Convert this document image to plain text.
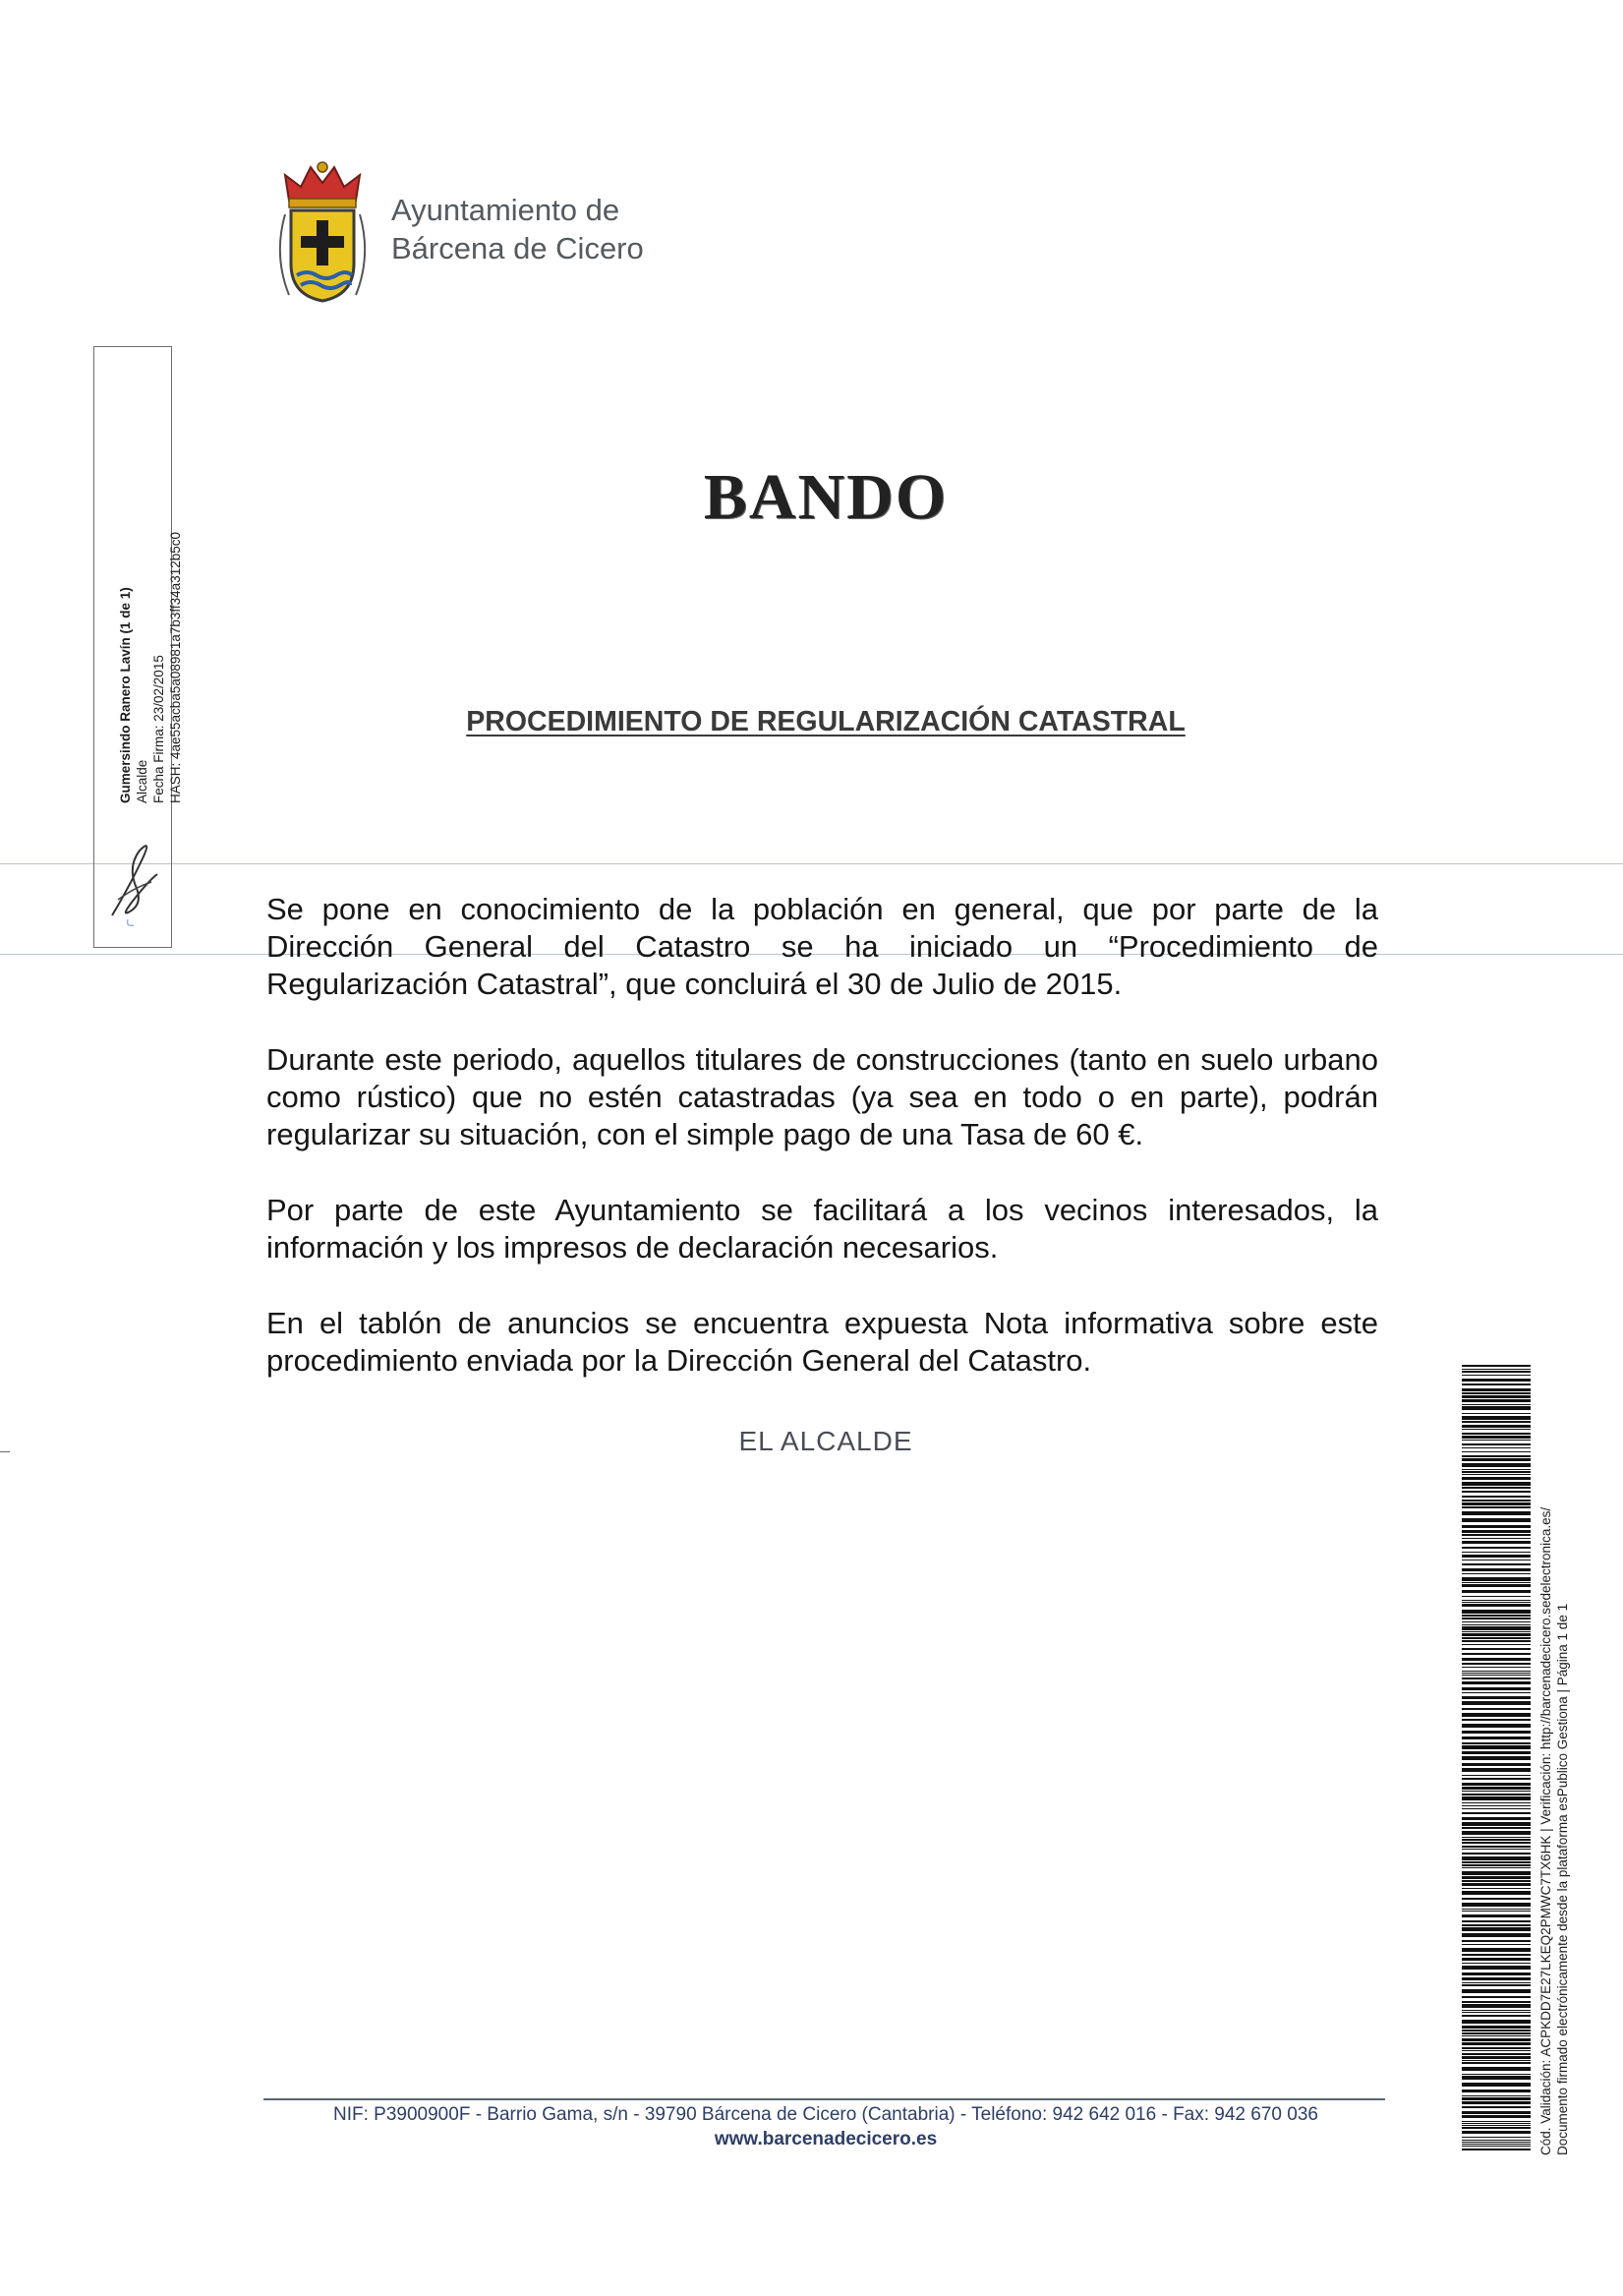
Ayuntamiento de
Bárcena de Cicero
Gumersindo Ranero Lavín (1 de 1) Alcalde Fecha Firma: 23/02/2015 HASH: 4ae55acba5a08981a7b3ff34a312b5c0
BANDO
PROCEDIMIENTO DE REGULARIZACIÓN CATASTRAL

Se pone en conocimiento de la población en general, que por parte de la Dirección General del Catastro se ha iniciado un “Procedimiento de Regularización Catastral”, que concluirá el 30 de Julio de 2015.

Durante este periodo, aquellos titulares de construcciones (tanto en suelo urbano como rústico) que no estén catastradas (ya sea en todo o en parte), podrán regularizar su situación, con el simple pago de una Tasa de 60 €.

Por parte de este Ayuntamiento se facilitará a los vecinos interesados, la información y los impresos de declaración necesarios.

En el tablón de anuncios se encuentra expuesta Nota informativa sobre este procedimiento enviada por la Dirección General del Catastro.

EL ALCALDE
NIF: P3900900F - Barrio Gama, s/n - 39790 Bárcena de Cicero (Cantabria) - Teléfono: 942 642 016 - Fax: 942 670 036
www.barcenadecicero.es	Cód. Validación: ACPKDD7E27LKEQ2PMWC7TX6HK | Verificación: http://barcenadecicero.sedelectronica.es/ Documento firmado electrónicamente desde la plataforma esPublico Gestiona | Página 1 de 1
